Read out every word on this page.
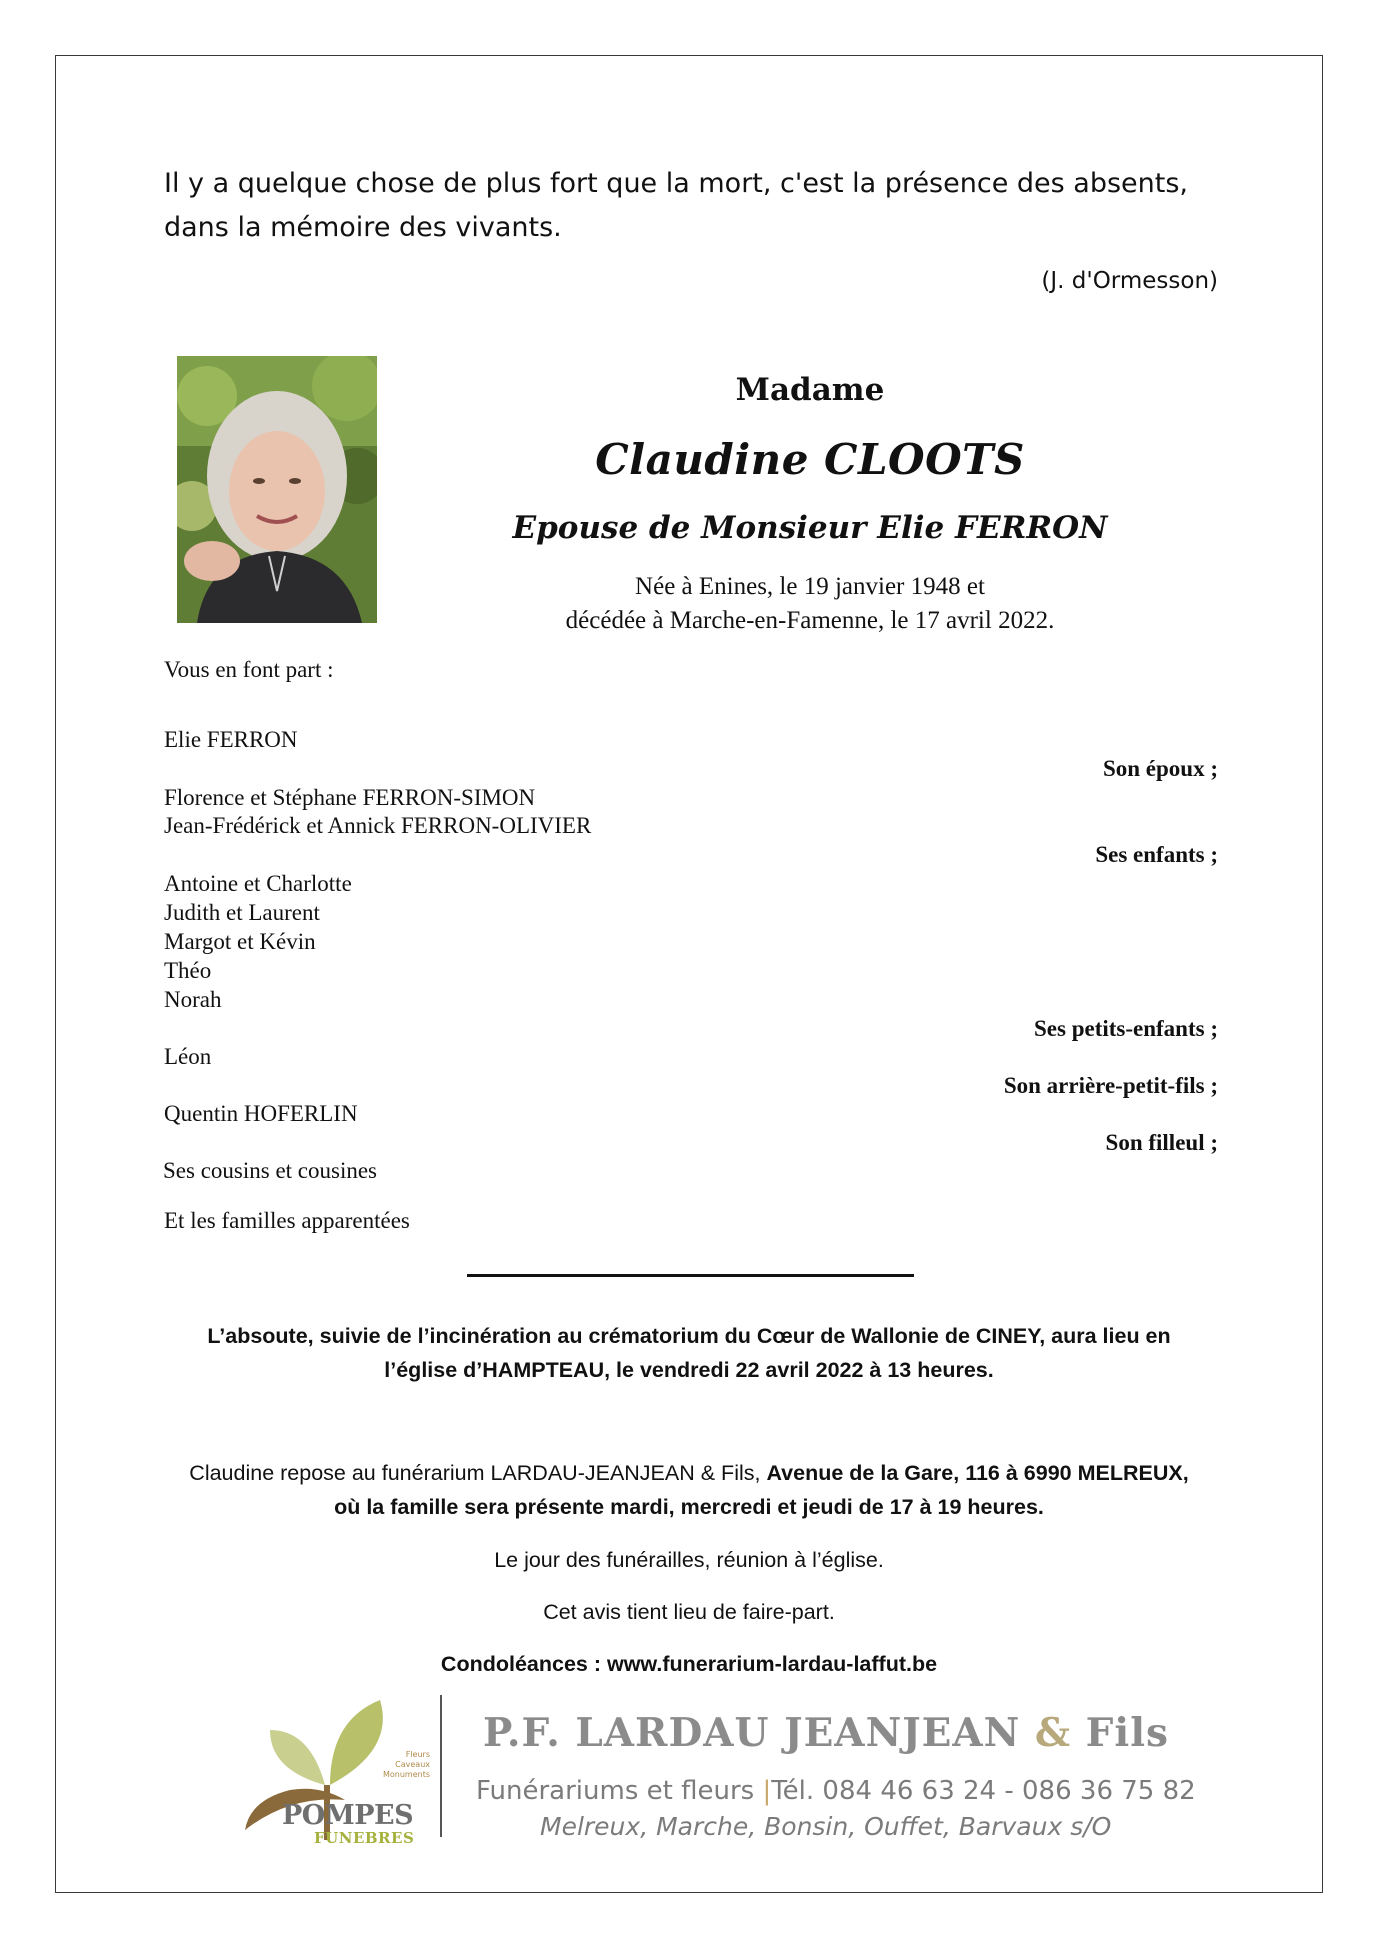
Il y a quelque chose de plus fort que la mort, c'est la présence des absents, dans la mémoire des vivants.
(J. d'Ormesson)
Madame
Claudine CLOOTS
Epouse de Monsieur Elie FERRON
Née à Enines, le 19 janvier 1948 et
décédée à Marche-en-Famenne, le 17 avril 2022.
Vous en font part :
Elie FERRON
Son époux ;
Florence et Stéphane FERRON-SIMON
Jean-Frédérick et Annick FERRON-OLIVIER
Ses enfants ;
Antoine et Charlotte
Judith et Laurent
Margot et Kévin
Théo
Norah
Ses petits-enfants ;
Léon
Son arrière-petit-fils ;
Quentin HOFERLIN
Son filleul ;
Ses cousins et cousines
Et les familles apparentées
L’absoute, suivie de l’incinération au crématorium du Cœur de Wallonie de CINEY, aura lieu en
l’église d’HAMPTEAU, le vendredi 22 avril 2022 à 13 heures.
Claudine repose au funérarium LARDAU-JEANJEAN & Fils, Avenue de la Gare, 116 à 6990 MELREUX,
où la famille sera présente mardi, mercredi et jeudi de 17 à 19 heures.
Le jour des funérailles, réunion à l’église.
Cet avis tient lieu de faire-part.
Condoléances : www.funerarium-lardau-laffut.be
Fleurs
Caveaux
Monuments
POMPES
FUNEBRES
P.F. LARDAU JEANJEAN & Fils
Funérariums et fleurs |Tél. 084 46 63 24 - 086 36 75 82
Melreux, Marche, Bonsin, Ouffet, Barvaux s/O
